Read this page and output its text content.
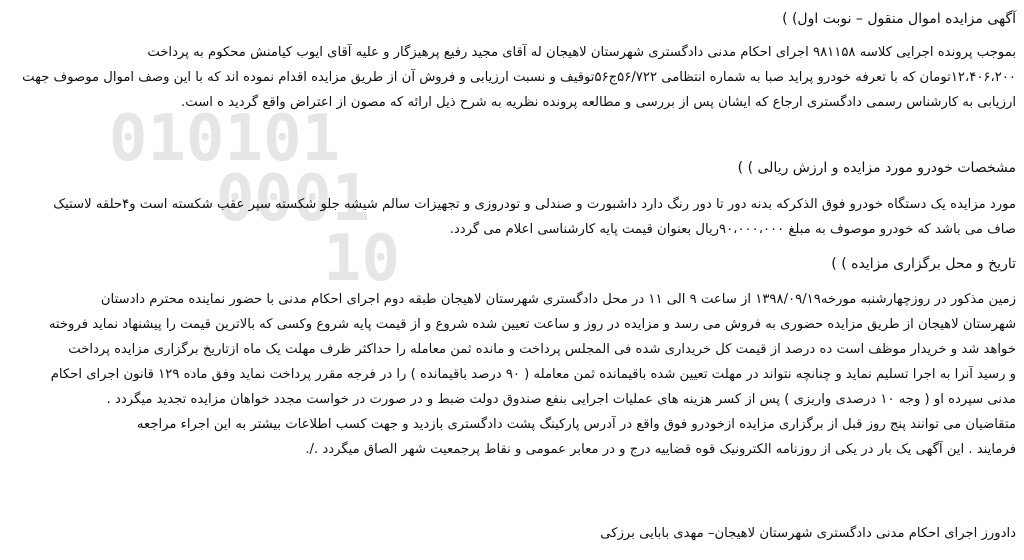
010101
0001
10
آگهی مزایده اموال منقول – نوبت اول) )
بموجب پرونده اجرایی کلاسه ۹۸۱۱۵۸ اجرای احکام مدنی دادگستری شهرستان لاهیجان له آقای مجید رفیع پرهیزگار و علیه آقای ایوب کیامنش محکوم به پرداخت
۱۲،۴۰۶،۲۰۰تومان که با تعرفه خودرو پراید صبا به شماره انتظامی ۵۶/۷۲۲ج۵۶توقیف و نسبت ارزیابی و فروش آن از طریق مزایده اقدام نموده اند که با این وصف اموال موصوف جهت
ارزیابی به کارشناس رسمی دادگستری ارجاع که ایشان پس از بررسی و مطالعه پرونده نظریه به شرح ذیل ارائه که مصون از اعتراض واقع گردید ه است.
مشخصات خودرو مورد مزایده و ارزش ریالی ) )
مورد مزایده یک دستگاه خودرو فوق الذکرکه بدنه دور تا دور رنگ دارد داشبورت و صندلی و تودروزی و تجهیزات سالم شیشه جلو شکسته سپر عقب شکسته است و۴حلقه لاستیک
صاف می باشد که خودرو موصوف به مبلغ ۹۰،۰۰۰،۰۰۰ریال بعنوان قیمت پایه کارشناسی اعلام می گردد.
تاریخ و محل برگزاری مزایده ) )
زمین مذکور در روزچهارشنبه مورخه۱۳۹۸/۰۹/۱۹ از ساعت ۹ الی ۱۱ در محل دادگستری شهرستان لاهیجان طبقه دوم اجرای احکام مدنی با حضور نماینده محترم دادستان
شهرستان لاهیجان از طریق مزایده حضوری به فروش می رسد و مزایده در روز و ساعت تعیین شده شروع و از قیمت پایه شروع وکسی که بالاترین قیمت را پیشنهاد نماید فروخته
خواهد شد و خریدار موظف است ده درصد از قیمت کل خریداری شده فی المجلس پرداخت و مانده ثمن معامله را حداکثر ظرف مهلت یک ماه ازتاریخ برگزاری مزایده پرداخت
و رسید آنرا به اجرا تسلیم نماید و چنانچه نتواند در مهلت تعیین شده باقیمانده ثمن معامله ( ۹۰ درصد باقیمانده ) را در فرجه مقرر پرداخت نماید وفق ماده ۱۲۹ قانون اجرای احکام
مدنی سپرده او ( وجه ۱۰ درصدی واریزی ) پس از کسر هزینه های عملیات اجرایی بنفع صندوق دولت ضبط و در صورت در خواست مجدد خواهان مزایده تجدید میگردد .
متقاضیان می توانند پنج روز قبل از برگزاری مزایده ازخودرو فوق واقع در آدرس پارکینگ پشت دادگستری بازدید و جهت کسب اطلاعات بیشتر به این اجراء مراجعه
فرمایند . این آگهی یک بار در یکی از روزنامه الکترونیک قوه قضاییه درج و در معابر عمومی و نقاط پرجمعیت شهر الصاق میگردد ./.
دادورز اجرای احکام مدنی دادگستری شهرستان لاهیجان– مهدی بابایی برزکی
